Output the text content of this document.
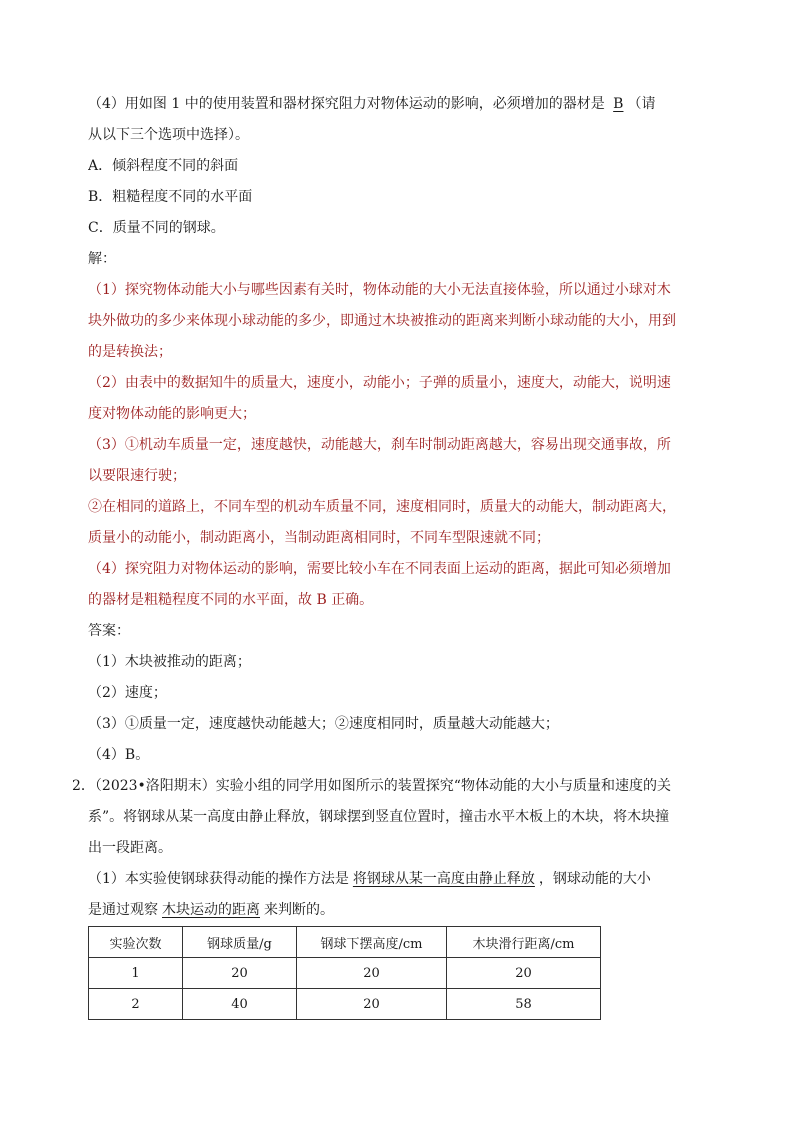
（4）用如图 1 中的使用装置和器材探究阻力对物体运动的影响，必须增加的器材是 B （请
从以下三个选项中选择）。
A．倾斜程度不同的斜面
B．粗糙程度不同的水平面
C．质量不同的钢球。
解：
（1）探究物体动能大小与哪些因素有关时，物体动能的大小无法直接体验，所以通过小球对木
块外做功的多少来体现小球动能的多少，即通过木块被推动的距离来判断小球动能的大小，用到
的是转换法；
（2）由表中的数据知牛的质量大，速度小，动能小；子弹的质量小，速度大，动能大，说明速
度对物体动能的影响更大；
（3）①机动车质量一定，速度越快，动能越大，刹车时制动距离越大，容易出现交通事故，所
以要限速行驶；
②在相同的道路上，不同车型的机动车质量不同，速度相同时，质量大的动能大，制动距离大，
质量小的动能小，制动距离小，当制动距离相同时，不同车型限速就不同；
（4）探究阻力对物体运动的影响，需要比较小车在不同表面上运动的距离，据此可知必须增加
的器材是粗糙程度不同的水平面，故 B 正确。
答案：
（1）木块被推动的距离；
（2）速度；
（3）①质量一定，速度越快动能越大；②速度相同时，质量越大动能越大；
（4）B。
2．（2023•洛阳期末）实验小组的同学用如图所示的装置探究“物体动能的大小与质量和速度的关
系”。将钢球从某一高度由静止释放，钢球摆到竖直位置时，撞击水平木板上的木块，将木块撞
出一段距离。
（1）本实验使钢球获得动能的操作方法是 将钢球从某一高度由静止释放 ，钢球动能的大小
是通过观察 木块运动的距离 来判断的。
实验次数	钢球质量/g	钢球下摆高度/cm	木块滑行距离/cm
1	20	20	20
2	40	20	58
